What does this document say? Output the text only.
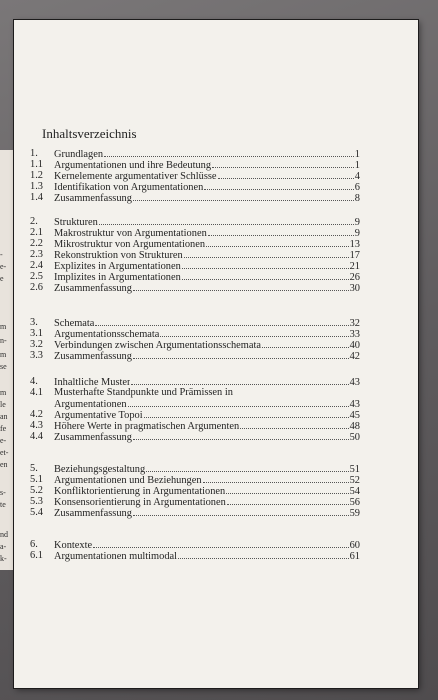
-
e-
e
m
n-
m
se
m
le
an
fe
e-
et-
en
s-
te
nd
a-
k-
Inhaltsverzeichnis
1. Grundlagen	1
1.1 Argumentationen und ihre Bedeutung	1
1.2 Kernelemente argumentativer Schlüsse	4
1.3 Identifikation von Argumentationen	6
1.4 Zusammenfassung	8
2. Strukturen	9
2.1 Makrostruktur von Argumentationen	9
2.2 Mikrostruktur von Argumentationen	13
2.3 Rekonstruktion von Strukturen	17
2.4 Explizites in Argumentationen	21
2.5 Implizites in Argumentationen	26
2.6 Zusammenfassung	30
3. Schemata	32
3.1 Argumentationsschemata	33
3.2 Verbindungen zwischen Argumentationsschemata	40
3.3 Zusammenfassung	42
4. Inhaltliche Muster	43
4.1 Musterhafte Standpunkte und Prämissen in
Argumentationen	43
4.2 Argumentative Topoi	45
4.3 Höhere Werte in pragmatischen Argumenten	48
4.4 Zusammenfassung	50
5. Beziehungsgestaltung	51
5.1 Argumentationen und Beziehungen	52
5.2 Konfliktorientierung in Argumentationen	54
5.3 Konsensorientierung in Argumentationen	56
5.4 Zusammenfassung	59
6. Kontexte	60
6.1 Argumentationen multimodal	61
